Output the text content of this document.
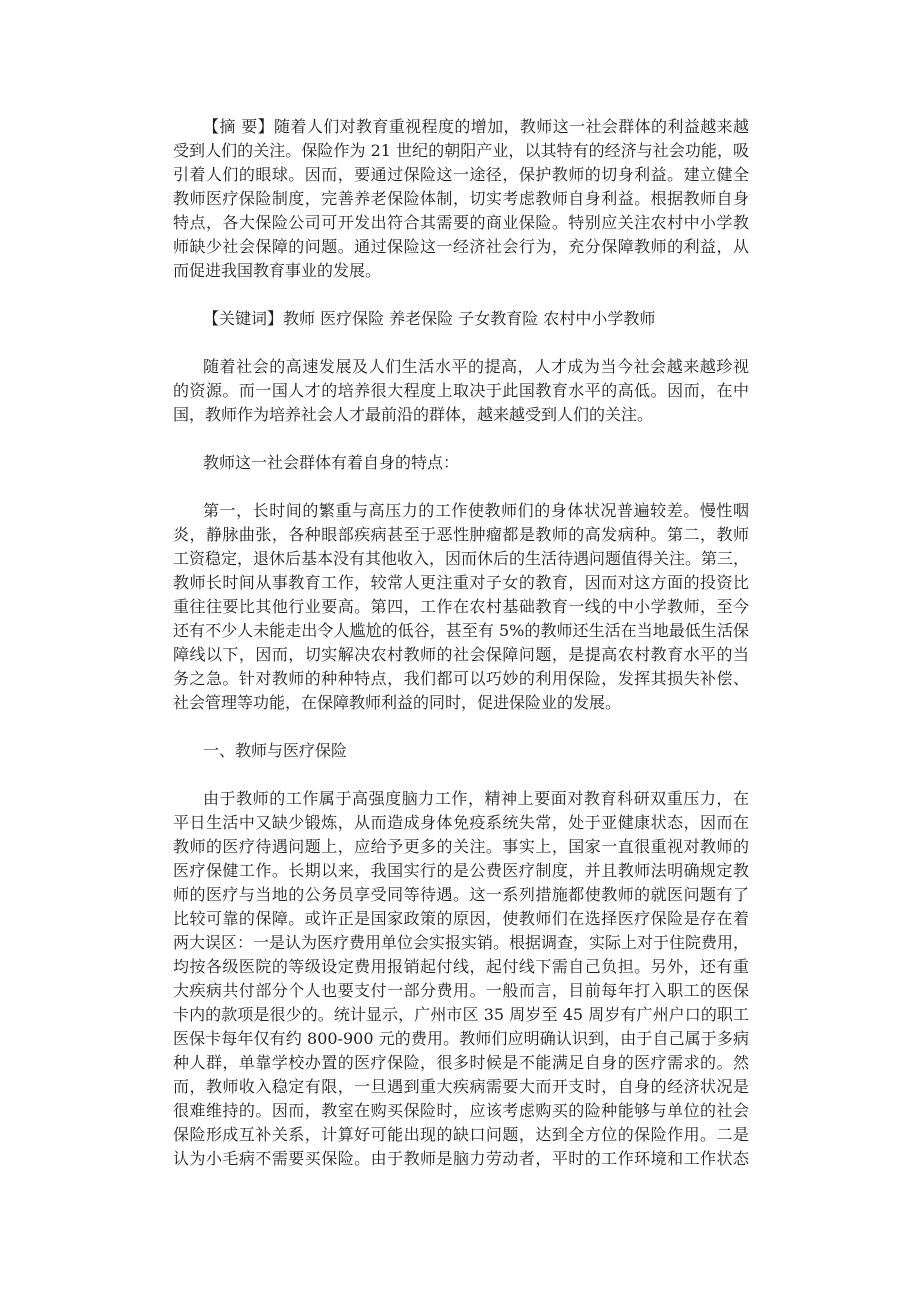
【摘 要】随着人们对教育重视程度的增加，教师这一社会群体的利益越来越
受到人们的关注。保险作为 21 世纪的朝阳产业，以其特有的经济与社会功能，吸
引着人们的眼球。因而，要通过保险这一途径，保护教师的切身利益。建立健全
教师医疗保险制度，完善养老保险体制，切实考虑教师自身利益。根据教师自身
特点，各大保险公司可开发出符合其需要的商业保险。特别应关注农村中小学教
师缺少社会保障的问题。通过保险这一经济社会行为，充分保障教师的利益，从
而促进我国教育事业的发展。
【关键词】教师 医疗保险 养老保险 子女教育险 农村中小学教师
随着社会的高速发展及人们生活水平的提高，人才成为当今社会越来越珍视
的资源。而一国人才的培养很大程度上取决于此国教育水平的高低。因而，在中
国，教师作为培养社会人才最前沿的群体，越来越受到人们的关注。
教师这一社会群体有着自身的特点：
第一，长时间的繁重与高压力的工作使教师们的身体状况普遍较差。慢性咽
炎，静脉曲张，各种眼部疾病甚至于恶性肿瘤都是教师的高发病种。第二，教师
工资稳定，退休后基本没有其他收入，因而休后的生活待遇问题值得关注。第三，
教师长时间从事教育工作，较常人更注重对子女的教育，因而对这方面的投资比
重往往要比其他行业要高。第四，工作在农村基础教育一线的中小学教师，至今
还有不少人未能走出令人尴尬的低谷，甚至有 5%的教师还生活在当地最低生活保
障线以下，因而，切实解决农村教师的社会保障问题，是提高农村教育水平的当
务之急。针对教师的种种特点，我们都可以巧妙的利用保险，发挥其损失补偿、
社会管理等功能，在保障教师利益的同时，促进保险业的发展。
一、教师与医疗保险
由于教师的工作属于高强度脑力工作，精神上要面对教育科研双重压力，在
平日生活中又缺少锻炼，从而造成身体免疫系统失常，处于亚健康状态，因而在
教师的医疗待遇问题上，应给予更多的关注。事实上，国家一直很重视对教师的
医疗保健工作。长期以来，我国实行的是公费医疗制度，并且教师法明确规定教
师的医疗与当地的公务员享受同等待遇。这一系列措施都使教师的就医问题有了
比较可靠的保障。或许正是国家政策的原因，使教师们在选择医疗保险是存在着
两大误区：一是认为医疗费用单位会实报实销。根据调查，实际上对于住院费用，
均按各级医院的等级设定费用报销起付线，起付线下需自己负担。另外，还有重
大疾病共付部分个人也要支付一部分费用。一般而言，目前每年打入职工的医保
卡内的款项是很少的。统计显示，广州市区 35 周岁至 45 周岁有广州户口的职工
医保卡每年仅有约 800-900 元的费用。教师们应明确认识到，由于自己属于多病
种人群，单靠学校办置的医疗保险，很多时候是不能满足自身的医疗需求的。然
而，教师收入稳定有限，一旦遇到重大疾病需要大而开支时，自身的经济状况是
很难维持的。因而，教室在购买保险时，应该考虑购买的险种能够与单位的社会
保险形成互补关系，计算好可能出现的缺口问题，达到全方位的保险作用。二是
认为小毛病不需要买保险。由于教师是脑力劳动者，平时的工作环境和工作状态
